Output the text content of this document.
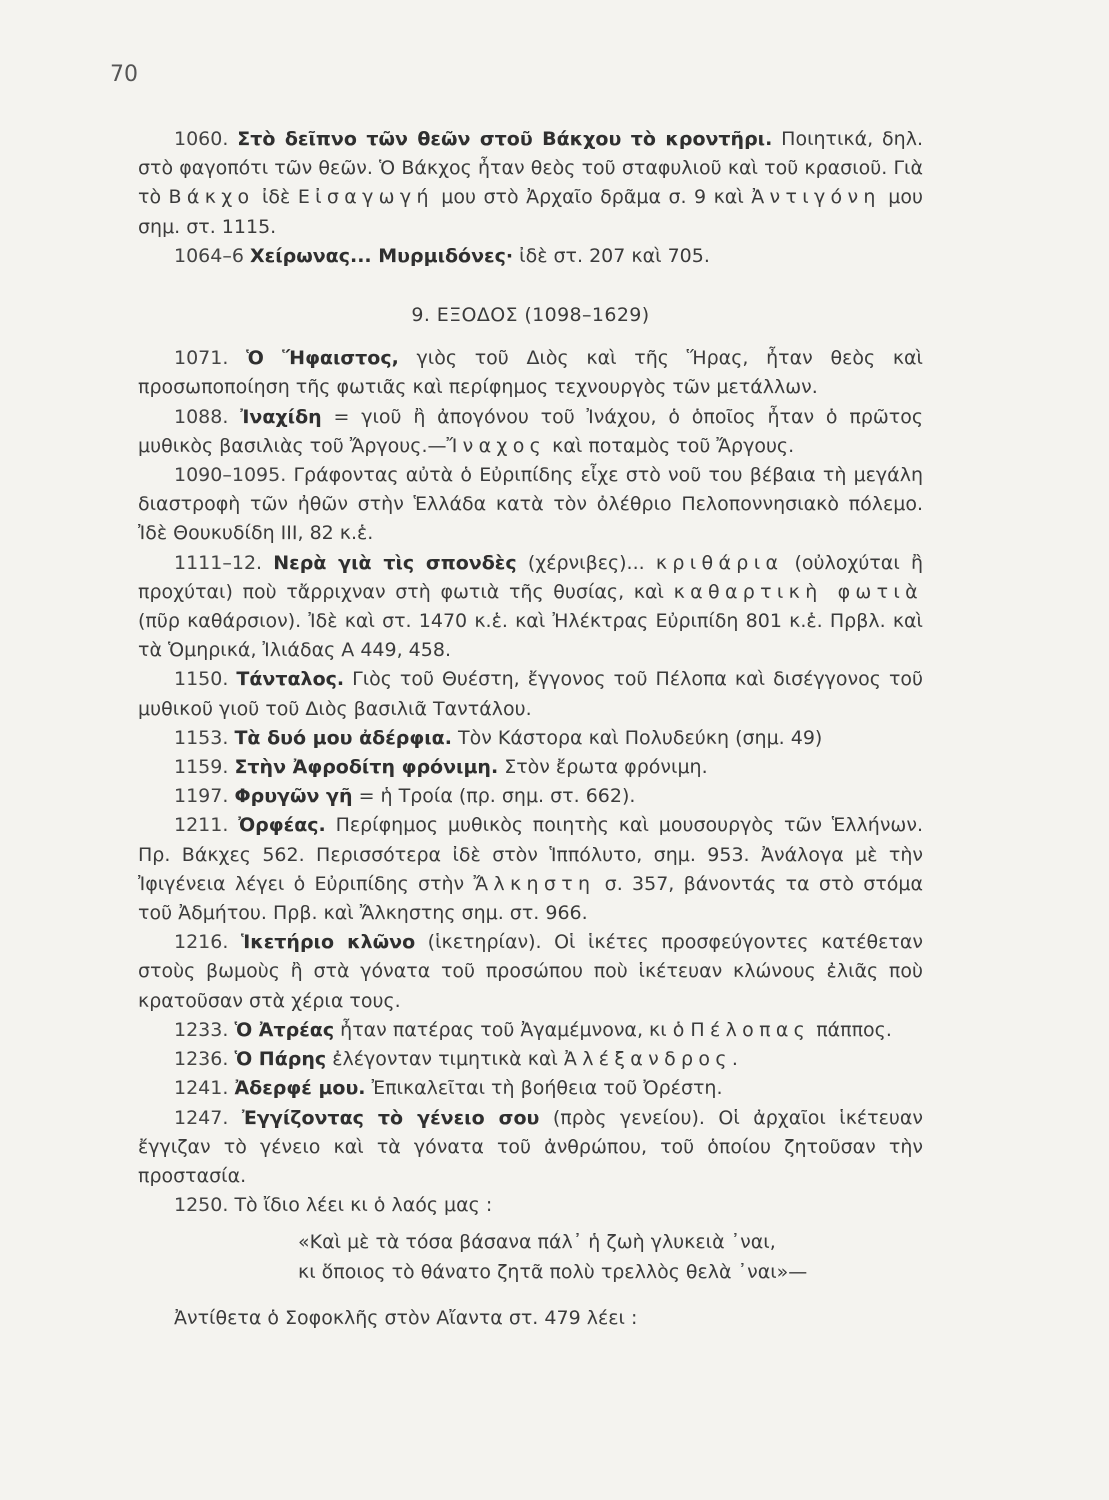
70

1060. Στὸ δεῖπνο τῶν θεῶν στοῦ Βάκχου τὸ κροντῆρι. Ποιητικά, δηλ. στὸ φαγοπότι τῶν θεῶν. Ὁ Βάκχος ἦταν θεὸς τοῦ σταφυλιοῦ καὶ τοῦ κρασιοῦ. Γιὰ τὸ Βάκχο ἰδὲ Εἰσαγωγή μου στὸ Ἀρχαῖο δρᾶμα σ. 9 καὶ Ἀντιγόνη μου σημ. στ. 1115.

1064–6 Χείρωνας... Μυρμιδόνες· ἰδὲ στ. 207 καὶ 705.

9. ΕΞΟΔΟΣ (1098–1629)

1071. Ὁ Ἥφαιστος, γιὸς τοῦ Διὸς καὶ τῆς Ἥρας, ἦταν θεὸς καὶ προσωποποίηση τῆς φωτιᾶς καὶ περίφημος τεχνουργὸς τῶν μετάλλων.

1088. Ἰναχίδη = γιοῦ ἢ ἀπογόνου τοῦ Ἰνάχου, ὁ ὁποῖος ἦταν ὁ πρῶτος μυθικὸς βασιλιὰς τοῦ Ἄργους.—Ἴναχος καὶ ποταμὸς τοῦ Ἄργους.

1090–1095. Γράφοντας αὐτὰ ὁ Εὐριπίδης εἶχε στὸ νοῦ του βέβαια τὴ μεγάλη διαστροφὴ τῶν ἠθῶν στὴν Ἑλλάδα κατὰ τὸν ὀλέθριο Πελοποννησιακὸ πόλεμο. Ἰδὲ Θουκυδίδη ΙΙΙ, 82 κ.ἑ.

1111–12. Νερὰ γιὰ τὶς σπονδὲς (χέρνιβες)... κριθάρια (οὐλοχύται ἢ προχύται) ποὺ τἄρριχναν στὴ φωτιὰ τῆς θυσίας, καὶ καθαρτικὴ φωτιὰ (πῦρ καθάρσιον). Ἰδὲ καὶ στ. 1470 κ.ἑ. καὶ Ἠλέκτρας Εὐριπίδη 801 κ.ἑ. Πρβλ. καὶ τὰ Ὁμηρικά, Ἰλιάδας Α 449, 458.

1150. Τάνταλος. Γιὸς τοῦ Θυέστη, ἔγγονος τοῦ Πέλοπα καὶ δισέγγονος τοῦ μυθικοῦ γιοῦ τοῦ Διὸς βασιλιᾶ Ταντάλου.

1153. Τὰ δυό μου ἀδέρφια. Τὸν Κάστορα καὶ Πολυδεύκη (σημ. 49)

1159. Στὴν Ἀφροδίτη φρόνιμη. Στὸν ἔρωτα φρόνιμη.

1197. Φρυγῶν γῆ = ἡ Τροία (πρ. σημ. στ. 662).

1211. Ὀρφέας. Περίφημος μυθικὸς ποιητὴς καὶ μουσουργὸς τῶν Ἑλλήνων. Πρ. Βάκχες 562. Περισσότερα ἰδὲ στὸν Ἱππόλυτο, σημ. 953. Ἀνάλογα μὲ τὴν Ἰφιγένεια λέγει ὁ Εὐριπίδης στὴν Ἄλκηστη σ. 357, βάνοντάς τα στὸ στόμα τοῦ Ἀδμήτου. Πρβ. καὶ Ἄλκηστης σημ. στ. 966.

1216. Ἱκετήριο κλῶνο (ἱκετηρίαν). Οἱ ἱκέτες προσφεύγοντες κατέθεταν στοὺς βωμοὺς ἢ στὰ γόνατα τοῦ προσώπου ποὺ ἱκέτευαν κλώνους ἐλιᾶς ποὺ κρατοῦσαν στὰ χέρια τους.

1233. Ὁ Ἀτρέας ἦταν πατέρας τοῦ Ἀγαμέμνονα, κι ὁ Πέλοπας πάππος.

1236. Ὁ Πάρης ἐλέγονταν τιμητικὰ καὶ Ἀλέξανδρος.

1241. Ἀδερφέ μου. Ἐπικαλεῖται τὴ βοήθεια τοῦ Ὀρέστη.

1247. Ἐγγίζοντας τὸ γένειο σου (πρὸς γενείου). Οἱ ἀρχαῖοι ἱκέτευαν ἔγγιζαν τὸ γένειο καὶ τὰ γόνατα τοῦ ἀνθρώπου, τοῦ ὁποίου ζητοῦσαν τὴν προστασία.

1250. Τὸ ἴδιο λέει κι ὁ λαός μας :

«Καὶ μὲ τὰ τόσα βάσανα πάλ᾽ ἡ ζωὴ γλυκειὰ ᾽ναι,
κι ὅποιος τὸ θάνατο ζητᾶ πολὺ τρελλὸς θελὰ ᾽ναι»—

Ἀντίθετα ὁ Σοφοκλῆς στὸν Αἴαντα στ. 479 λέει :
